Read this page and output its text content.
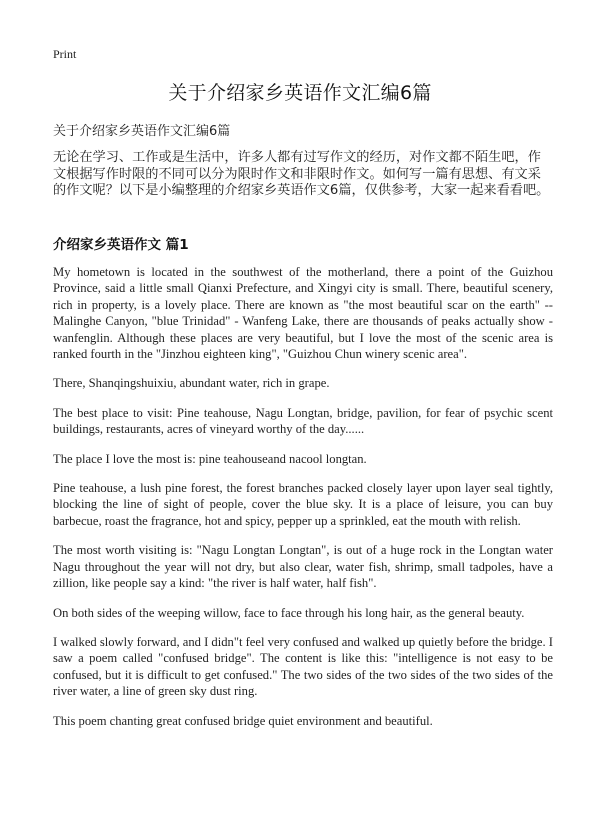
Print
关于介绍家乡英语作文汇编6篇
关于介绍家乡英语作文汇编6篇

无论在学习、工作或是生活中，许多人都有过写作文的经历，对作文都不陌生吧，作文根据写作时限的不同可以分为限时作文和非限时作文。如何写一篇有思想、有文采的作文呢？以下是小编整理的介绍家乡英语作文6篇，仅供参考，大家一起来看看吧。

介绍家乡英语作文 篇1

My hometown is located in the southwest of the motherland, there a point of the Guizhou Province, said a little small Qianxi Prefecture, and Xingyi city is small. There, beautiful scenery, rich in property, is a lovely place. There are known as "the most beautiful scar on the earth" -- Malinghe Canyon, "blue Trinidad" - Wanfeng Lake, there are thousands of peaks actually show - wanfenglin. Although these places are very beautiful, but I love the most of the scenic area is ranked fourth in the "Jinzhou eighteen king", "Guizhou Chun winery scenic area".

There, Shanqingshuixiu, abundant water, rich in grape.

The best place to visit: Pine teahouse, Nagu Longtan, bridge, pavilion, for fear of psychic scent buildings, restaurants, acres of vineyard worthy of the day......

The place I love the most is: pine teahouseand nacool longtan.

Pine teahouse, a lush pine forest, the forest branches packed closely layer upon layer seal tightly, blocking the line of sight of people, cover the blue sky. It is a place of leisure, you can buy barbecue, roast the fragrance, hot and spicy, pepper up a sprinkled, eat the mouth with relish.

The most worth visiting is: "Nagu Longtan Longtan", is out of a huge rock in the Longtan water Nagu throughout the year will not dry, but also clear, water fish, shrimp, small tadpoles, have a zillion, like people say a kind: "the river is half water, half fish".

On both sides of the weeping willow, face to face through his long hair, as the general beauty.

I walked slowly forward, and I didn"t feel very confused and walked up quietly before the bridge. I saw a poem called "confused bridge". The content is like this: "intelligence is not easy to be confused, but it is difficult to get confused." The two sides of the two sides of the two sides of the river water, a line of green sky dust ring.

This poem chanting great confused bridge quiet environment and beautiful.
